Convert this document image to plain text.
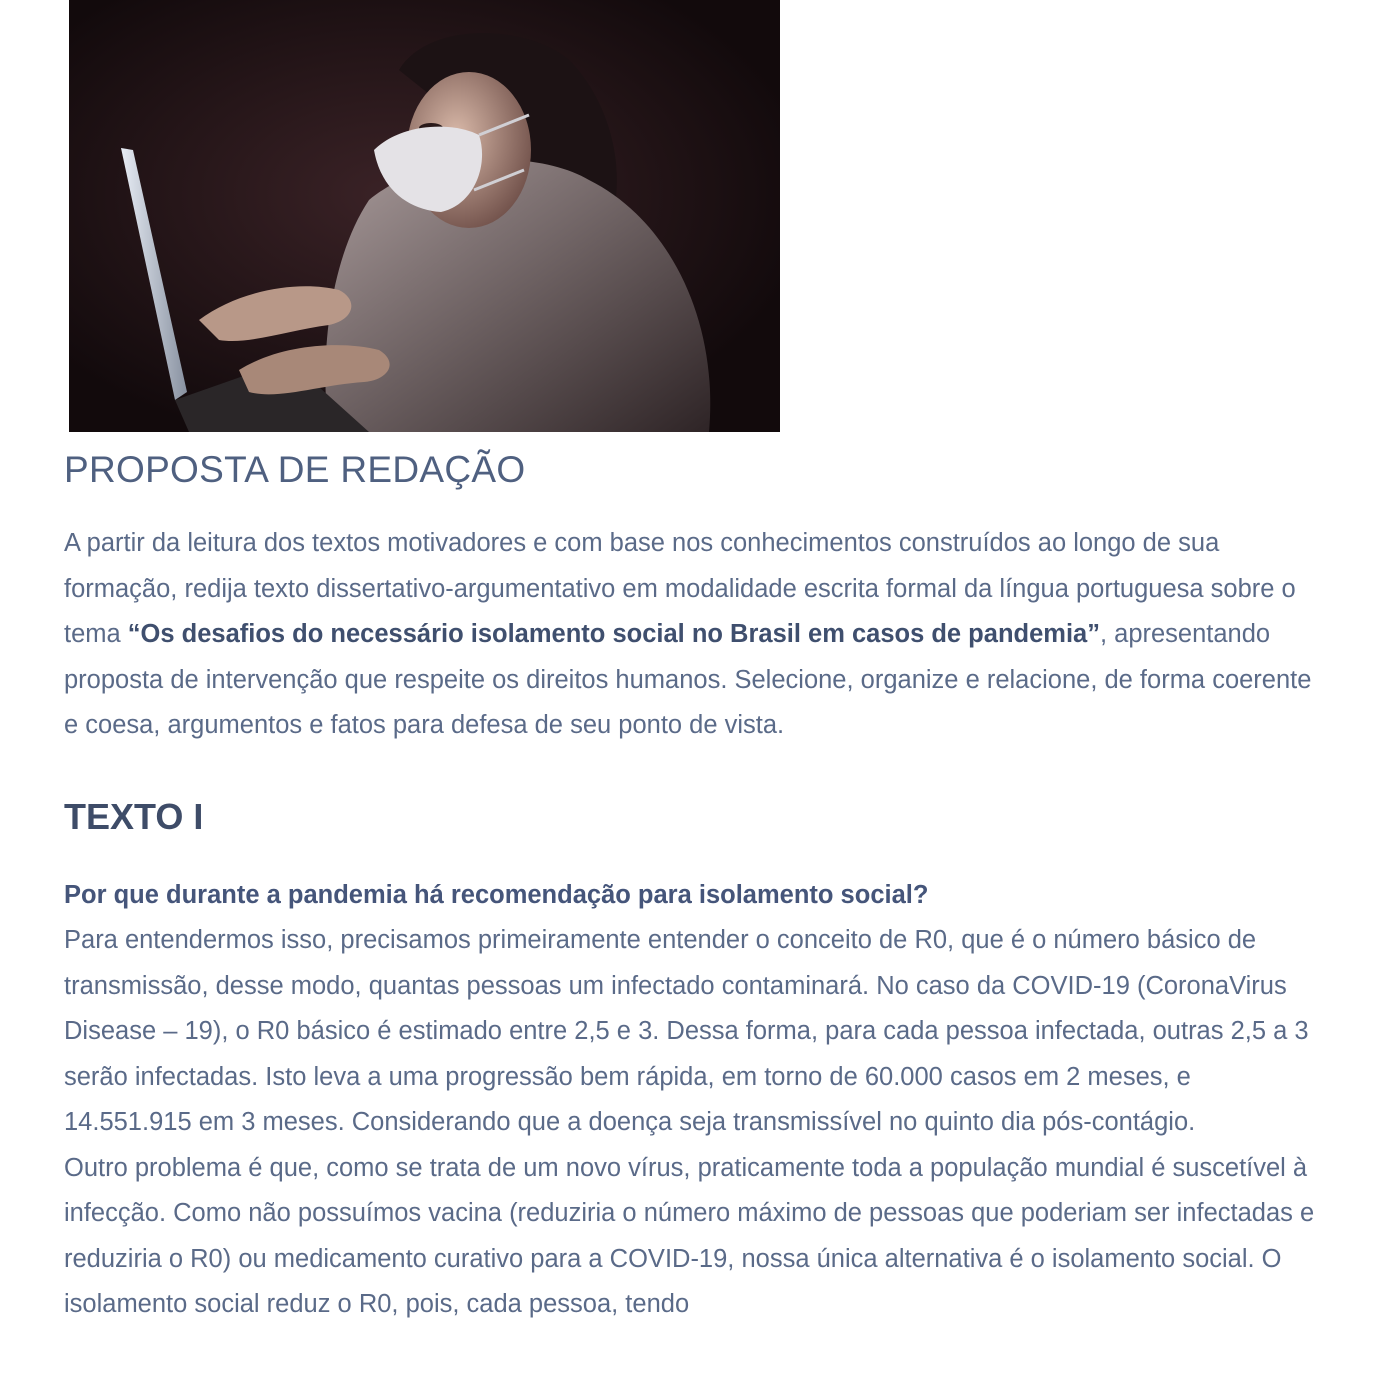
PROPOSTA DE REDAÇÃO

A partir da leitura dos textos motivadores e com base nos conhecimentos construídos ao longo de sua formação, redija texto dissertativo-argumentativo em modalidade escrita formal da língua portuguesa sobre o tema “Os desafios do necessário isolamento social no Brasil em casos de pandemia”, apresentando proposta de intervenção que respeite os direitos humanos. Selecione, organize e relacione, de forma coerente e coesa, argumentos e fatos para defesa de seu ponto de vista.

TEXTO I

Por que durante a pandemia há recomendação para isolamento social?

Para entendermos isso, precisamos primeiramente entender o conceito de R0, que é o número básico de transmissão, desse modo, quantas pessoas um infectado contaminará. No caso da COVID-19 (CoronaVirus Disease – 19), o R0 básico é estimado entre 2,5 e 3. Dessa forma, para cada pessoa infectada, outras 2,5 a 3 serão infectadas. Isto leva a uma progressão bem rápida, em torno de 60.000 casos em 2 meses, e 14.551.915 em 3 meses. Considerando que a doença seja transmissível no quinto dia pós-contágio.

Outro problema é que, como se trata de um novo vírus, praticamente toda a população mundial é suscetível à infecção. Como não possuímos vacina (reduziria o número máximo de pessoas que poderiam ser infectadas e reduziria o R0) ou medicamento curativo para a COVID-19, nossa única alternativa é o isolamento social. O isolamento social reduz o R0, pois, cada pessoa, tendo
